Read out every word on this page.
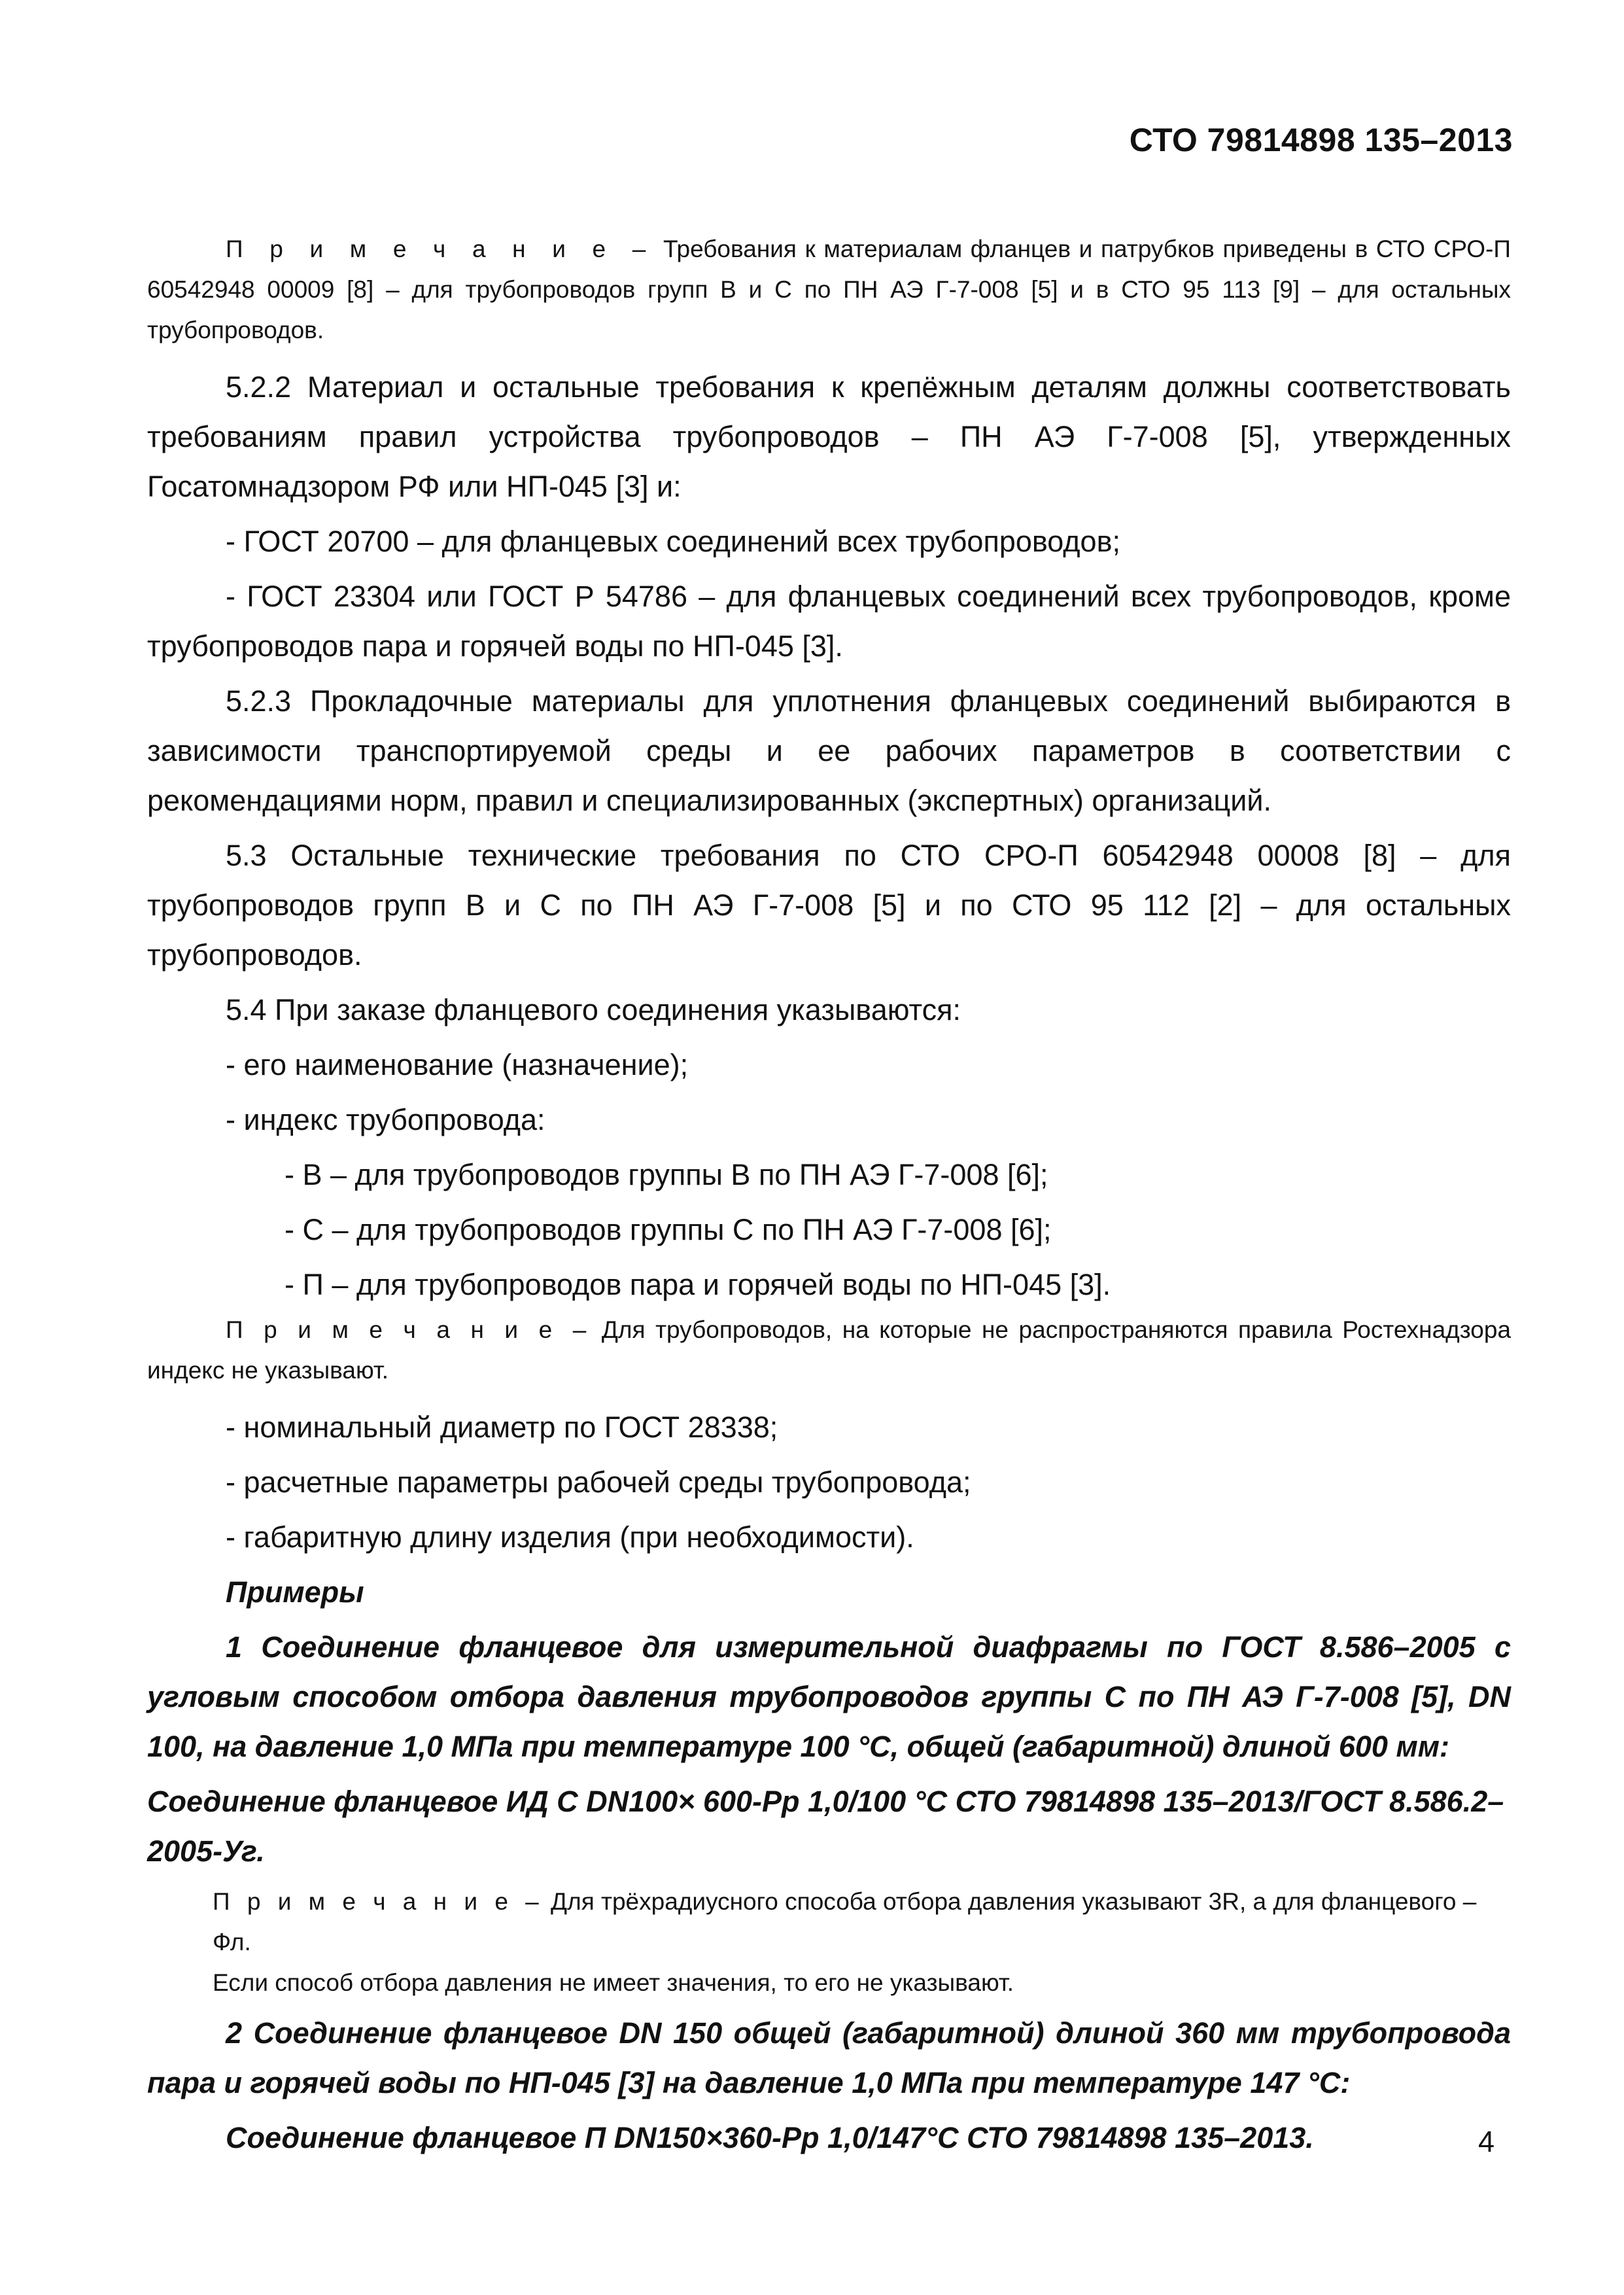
СТО 79814898 135–2013

П р и м е ч а н и е – Требования к материалам фланцев и патрубков приведены в СТО СРО-П 60542948 00009 [8] – для трубопроводов групп В и С по ПН АЭ Г-7-008 [5] и в СТО 95 113 [9] – для остальных трубопроводов.

5.2.2 Материал и остальные требования к крепёжным деталям должны соответствовать требованиям правил устройства трубопроводов – ПН АЭ Г-7-008 [5], утвержденных Госатомнадзором РФ или НП-045 [3] и:

- ГОСТ 20700 – для фланцевых соединений всех трубопроводов;

- ГОСТ 23304 или ГОСТ Р 54786 – для фланцевых соединений всех трубопроводов, кроме трубопроводов пара и горячей воды по НП-045 [3].

5.2.3 Прокладочные материалы для уплотнения фланцевых соединений выбираются в зависимости транспортируемой среды и ее рабочих параметров в соответствии с рекомендациями норм, правил и специализированных (экспертных) организаций.

5.3 Остальные технические требования по СТО СРО-П 60542948 00008 [8] – для трубопроводов групп В и С по ПН АЭ Г-7-008 [5] и по СТО 95 112 [2] – для остальных трубопроводов.

5.4 При заказе фланцевого соединения указываются:

- его наименование (назначение);

- индекс трубопровода:

- В – для трубопроводов группы В по ПН АЭ Г-7-008 [6];

- С – для трубопроводов группы С по ПН АЭ Г-7-008 [6];

- П – для трубопроводов пара и горячей воды по НП-045 [3].

П р и м е ч а н и е – Для трубопроводов, на которые не распространяются правила Ростехнадзора индекс не указывают.

- номинальный диаметр по ГОСТ 28338;

- расчетные параметры рабочей среды трубопровода;

- габаритную длину изделия (при необходимости).

Примеры

1 Соединение фланцевое для измерительной диафрагмы по ГОСТ 8.586–2005 с угловым способом отбора давления трубопроводов группы С по ПН АЭ Г-7-008 [5], DN 100, на давление 1,0 МПа при температуре 100 °С, общей (габаритной) длиной 600 мм:

Соединение фланцевое ИД С DN100× 600-Рр 1,0/100 °С СТО 79814898 135–2013/ГОСТ 8.586.2–2005-Уг.

П р и м е ч а н и е – Для трёхрадиусного способа отбора давления указывают 3R, а для фланцевого –Фл.

Если способ отбора давления не имеет значения, то его не указывают.

2 Соединение фланцевое DN 150 общей (габаритной) длиной 360 мм трубопровода пара и горячей воды по НП-045 [3] на давление 1,0 МПа при температуре 147 °С:

Соединение фланцевое П DN150×360-Рр 1,0/147°С СТО 79814898 135–2013.	4
